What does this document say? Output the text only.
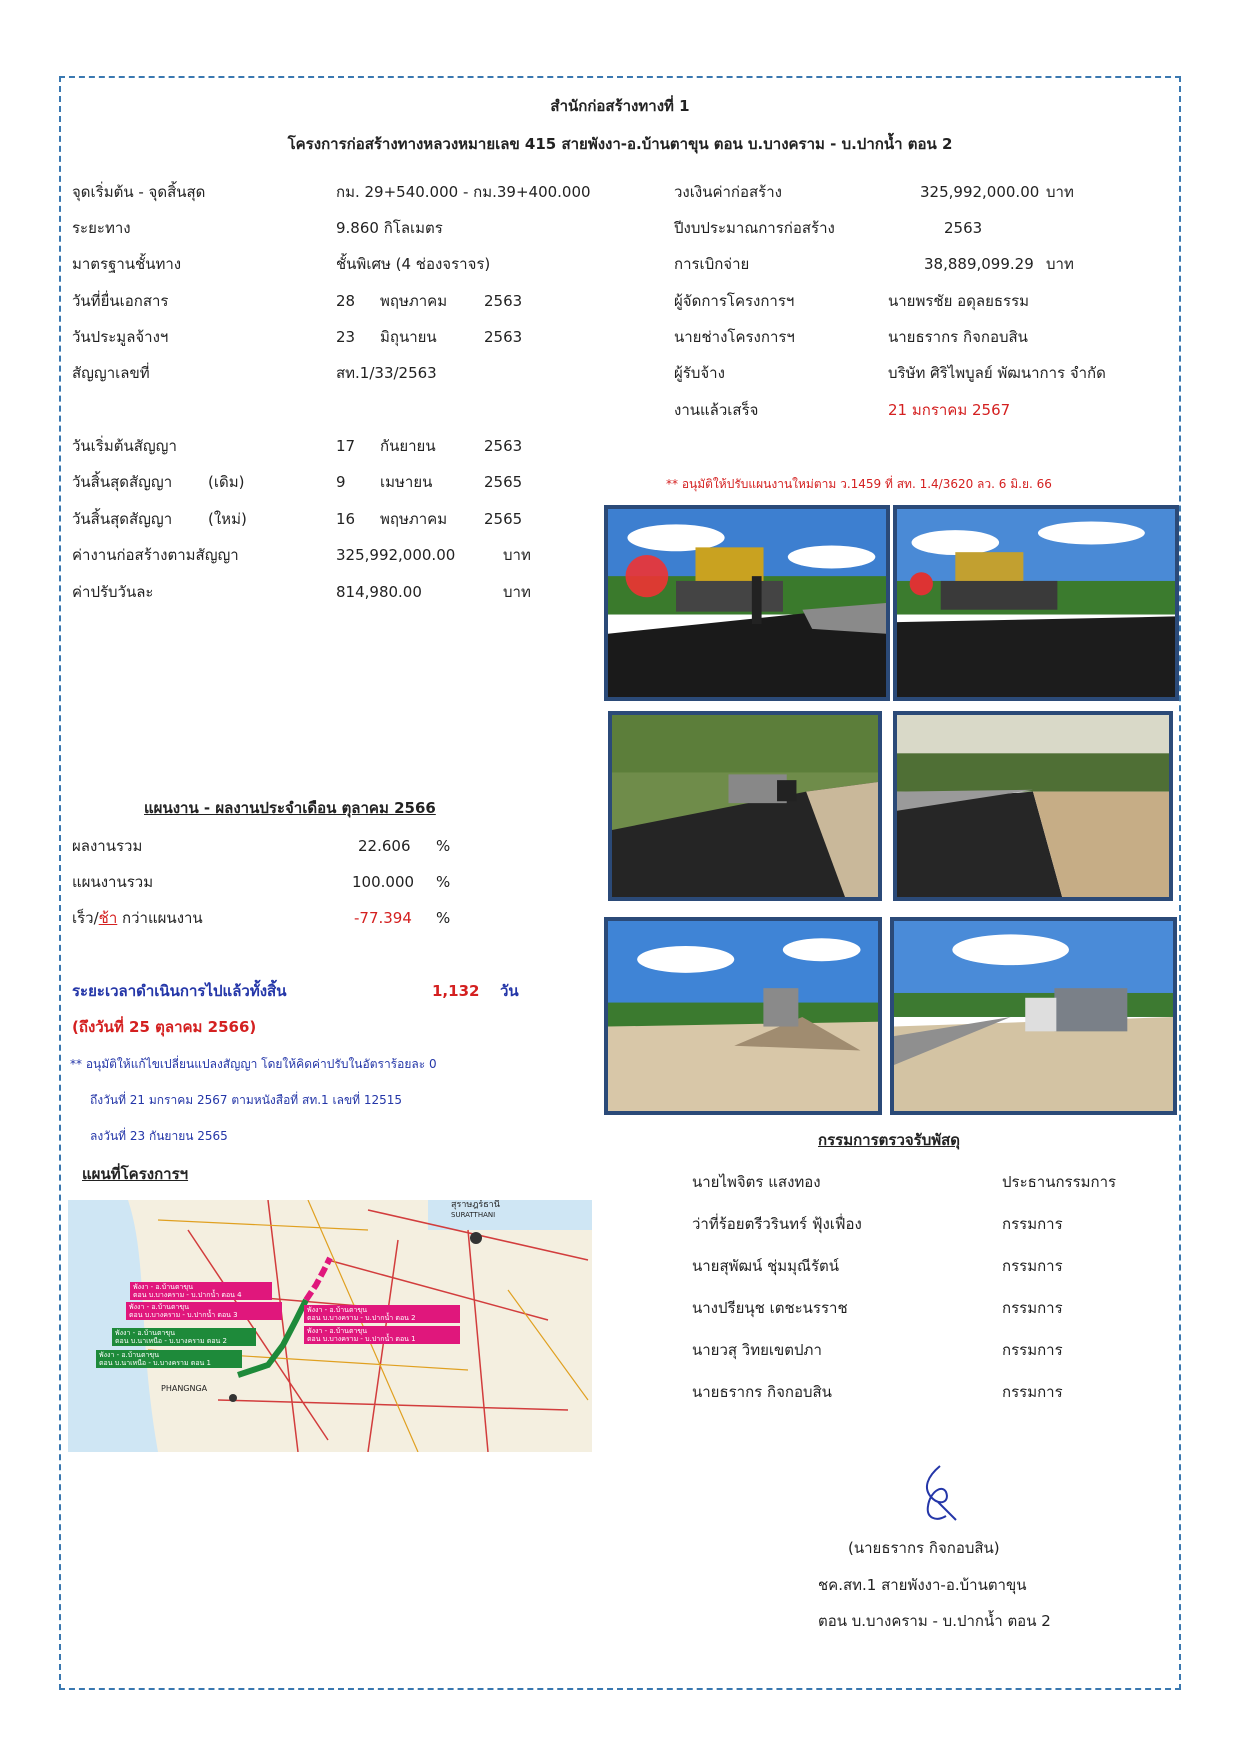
สำนักก่อสร้างทางที่ 1
โครงการก่อสร้างทางหลวงหมายเลข 415 สายพังงา-อ.บ้านตาขุน ตอน บ.บางคราม - บ.ปากน้ำ ตอน 2
จุดเริ่มต้น - จุดสิ้นสุด	กม. 29+540.000 - กม.39+400.000
ระยะทาง	9.860 กิโลเมตร
มาตรฐานชั้นทาง	ชั้นพิเศษ (4 ช่องจราจร)
วันที่ยื่นเอกสาร	28 พฤษภาคม 2563
วันประมูลจ้างฯ	23 มิถุนายน	2563
สัญญาเลขที่	สท.1/33/2563
วันเริ่มต้นสัญญา	17 กันยายน	2563
วันสิ้นสุดสัญญา (เดิม)	9 เมษายน	2565
วันสิ้นสุดสัญญา (ใหม่)	16 พฤษภาคม 2565
ค่างานก่อสร้างตามสัญญา	325,992,000.00	บาท
ค่าปรับวันละ	814,980.00	บาท
วงเงินค่าก่อสร้าง	325,992,000.00 บาท
ปีงบประมาณการก่อสร้าง	2563
การเบิกจ่าย	38,889,099.29 บาท
ผู้จัดการโครงการฯ	นายพรชัย อดุลยธรรม
นายช่างโครงการฯ	นายธรากร กิจกอบสิน
ผู้รับจ้าง	บริษัท ศิริไพบูลย์ พัฒนาการ จำกัด
งานแล้วเสร็จ	21 มกราคม 2567
** อนุมัติให้ปรับแผนงานใหม่ตาม ว.1459 ที่ สท. 1.4/3620 ลว. 6 มิ.ย. 66
แผนงาน - ผลงานประจำเดือน ตุลาคม 2566
ผลงานรวม	22.606 %
แผนงานรวม	100.000 %
เร็ว/ช้า กว่าแผนงาน	-77.394 %
ระยะเวลาดำเนินการไปแล้วทั้งสิ้น	1,132 วัน
(ถึงวันที่ 25 ตุลาคม 2566)
** อนุมัติให้แก้ไขเปลี่ยนแปลงสัญญา โดยให้คิดค่าปรับในอัตราร้อยละ 0
ถึงวันที่ 21 มกราคม 2567 ตามหนังสือที่ สท.1 เลขที่ 12515
ลงวันที่ 23 กันยายน 2565
แผนที่โครงการฯ
สุราษฎร์ธานี
SURATTHANI
PHANGNGA
พังงา - อ.บ้านตาขุน
ตอน บ.บางคราม - บ.ปากน้ำ ตอน 4
พังงา - อ.บ้านตาขุน
ตอน บ.บางคราม - บ.ปากน้ำ ตอน 3
พังงา - อ.บ้านตาขุน
ตอน บ.บางคราม - บ.ปากน้ำ ตอน 2
พังงา - อ.บ้านตาขุน
ตอน บ.บางคราม - บ.ปากน้ำ ตอน 1
พังงา - อ.บ้านตาขุน
ตอน บ.นาเหนือ - บ.บางคราม ตอน 2
พังงา - อ.บ้านตาขุน
ตอน บ.นาเหนือ - บ.บางคราม ตอน 1
กรรมการตรวจรับพัสดุ
นายไพจิตร แสงทอง	ประธานกรรมการ
ว่าที่ร้อยตรีวรินทร์ ฟุ้งเฟื่อง	กรรมการ
นายสุพัฒน์ ชุ่มมุณีรัตน์	กรรมการ
นางปรียนุช เตชะนรราช	กรรมการ
นายวสุ วิทยเขตปภา	กรรมการ
นายธรากร กิจกอบสิน	กรรมการ
(นายธรากร กิจกอบสิน)
ชค.สท.1 สายพังงา-อ.บ้านตาขุน
ตอน บ.บางคราม - บ.ปากน้ำ ตอน 2
